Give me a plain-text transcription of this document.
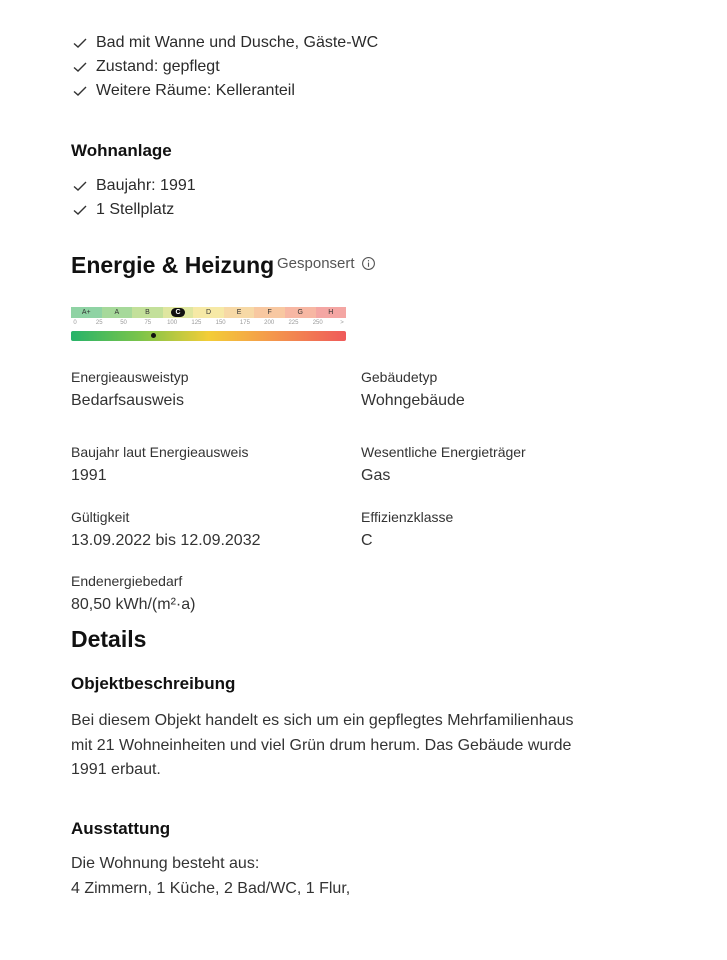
Bad mit Wanne und Dusche, Gäste-WC
Zustand: gepflegt
Weitere Räume: Kelleranteil
Wohnanlage
Baujahr: 1991
1 Stellplatz
Energie & Heizung Gesponsert
A+	A	B	C	D	E	F	G	H
0	25	50	75	100 125 150 175 200 225 250	>
Energieausweistyp
Bedarfsausweis
Gebäudetyp
Wohngebäude
Baujahr laut Energieausweis
1991
Wesentliche Energieträger
Gas
Gültigkeit
13.09.2022 bis 12.09.2032
Effizienzklasse
C
Endenergiebedarf
80,50 kWh/(m²·a)
Details
Objektbeschreibung
Bei diesem Objekt handelt es sich um ein gepflegtes Mehrfamilienhaus
mit 21 Wohneinheiten und viel Grün drum herum. Das Gebäude wurde
1991 erbaut.
Ausstattung
Die Wohnung besteht aus:
4 Zimmern, 1 Küche, 2 Bad/WC, 1 Flur,
